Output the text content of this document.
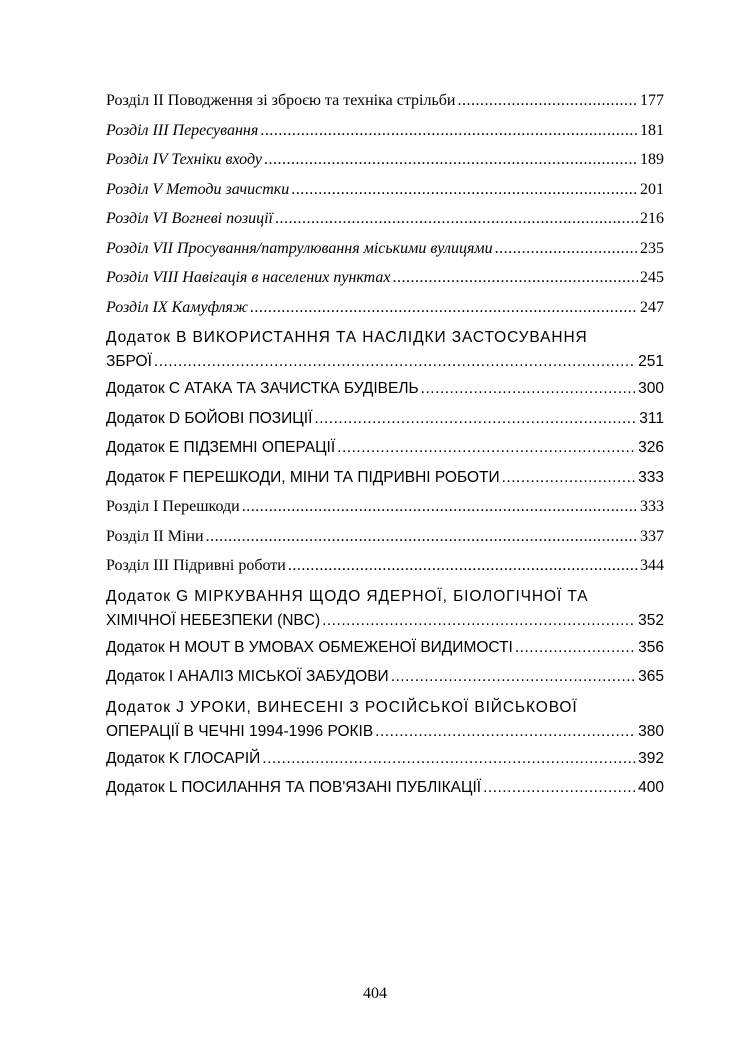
Розділ II Поводження зі зброєю та техніка стрільби .....	177
Розділ III Пересування .....	181
Розділ IV Техніки входу .....	189
Розділ V Методи зачистки .....	201
Розділ VI Вогневі позиції .....	216
Розділ VII Просування/патрулювання міськими вулицями .....	235
Розділ VIII Навігація в населених пунктах .....	245
Розділ IX Камуфляж .....	247
Додаток B ВИКОРИСТАННЯ ТА НАСЛІДКИ ЗАСТОСУВАННЯ
ЗБРОЇ .....	251
Додаток C АТАКА ТА ЗАЧИСТКА БУДІВЕЛЬ .....	300
Додаток D БОЙОВІ ПОЗИЦІЇ .....	311
Додаток E ПІДЗЕМНІ ОПЕРАЦІЇ .....	326
Додаток F ПЕРЕШКОДИ, МІНИ ТА ПІДРИВНІ РОБОТИ .....	333
Розділ I Перешкоди .....	333
Розділ II Міни .....	337
Розділ III Підривні роботи .....	344
Додаток G МІРКУВАННЯ ЩОДО ЯДЕРНОЇ, БІОЛОГІЧНОЇ ТА
ХІМІЧНОЇ НЕБЕЗПЕКИ (NBC) .....	352
Додаток H MOUT В УМОВАХ ОБМЕЖЕНОЇ ВИДИМОСТІ .....	356
Додаток I АНАЛІЗ МІСЬКОЇ ЗАБУДОВИ .....	365
Додаток J УРОКИ, ВИНЕСЕНІ З РОСІЙСЬКОЇ ВІЙСЬКОВОЇ
ОПЕРАЦІЇ В ЧЕЧНІ 1994-1996 РОКІВ .....	380
Додаток K ГЛОСАРІЙ .....	392
Додаток L ПОСИЛАННЯ ТА ПОВ'ЯЗАНІ ПУБЛІКАЦІЇ .....	400
404
